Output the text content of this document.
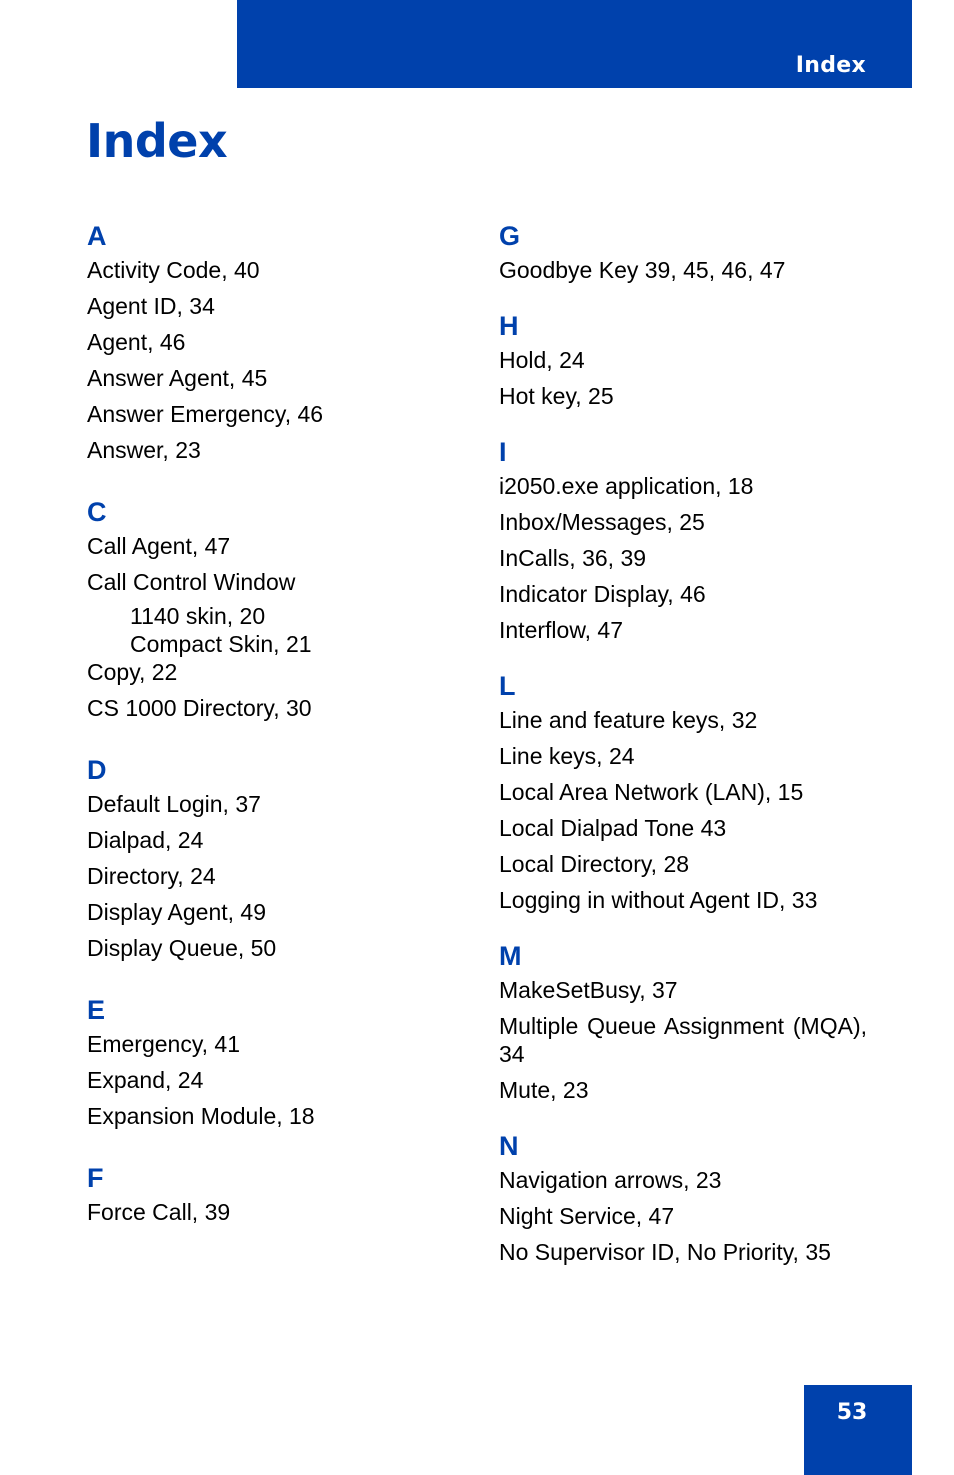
Index
Index
A
Activity Code, 40
Agent ID, 34
Agent, 46
Answer Agent, 45
Answer Emergency, 46
Answer, 23
C
Call Agent, 47
Call Control Window
1140 skin, 20
Compact Skin, 21
Copy, 22
CS 1000 Directory, 30
D
Default Login, 37
Dialpad, 24
Directory, 24
Display Agent, 49
Display Queue, 50
E
Emergency, 41
Expand, 24
Expansion Module, 18
F
Force Call, 39
G
Goodbye Key 39, 45, 46, 47
H
Hold, 24
Hot key, 25
I
i2050.exe application, 18
Inbox/Messages, 25
InCalls, 36, 39
Indicator Display, 46
Interflow, 47
L
Line and feature keys, 32
Line keys, 24
Local Area Network (LAN), 15
Local Dialpad Tone 43
Local Directory, 28
Logging in without Agent ID, 33
M
MakeSetBusy, 37
Multiple Queue Assignment (MQA), 34
Mute, 23
N
Navigation arrows, 23
Night Service, 47
No Supervisor ID, No Priority, 35
53
